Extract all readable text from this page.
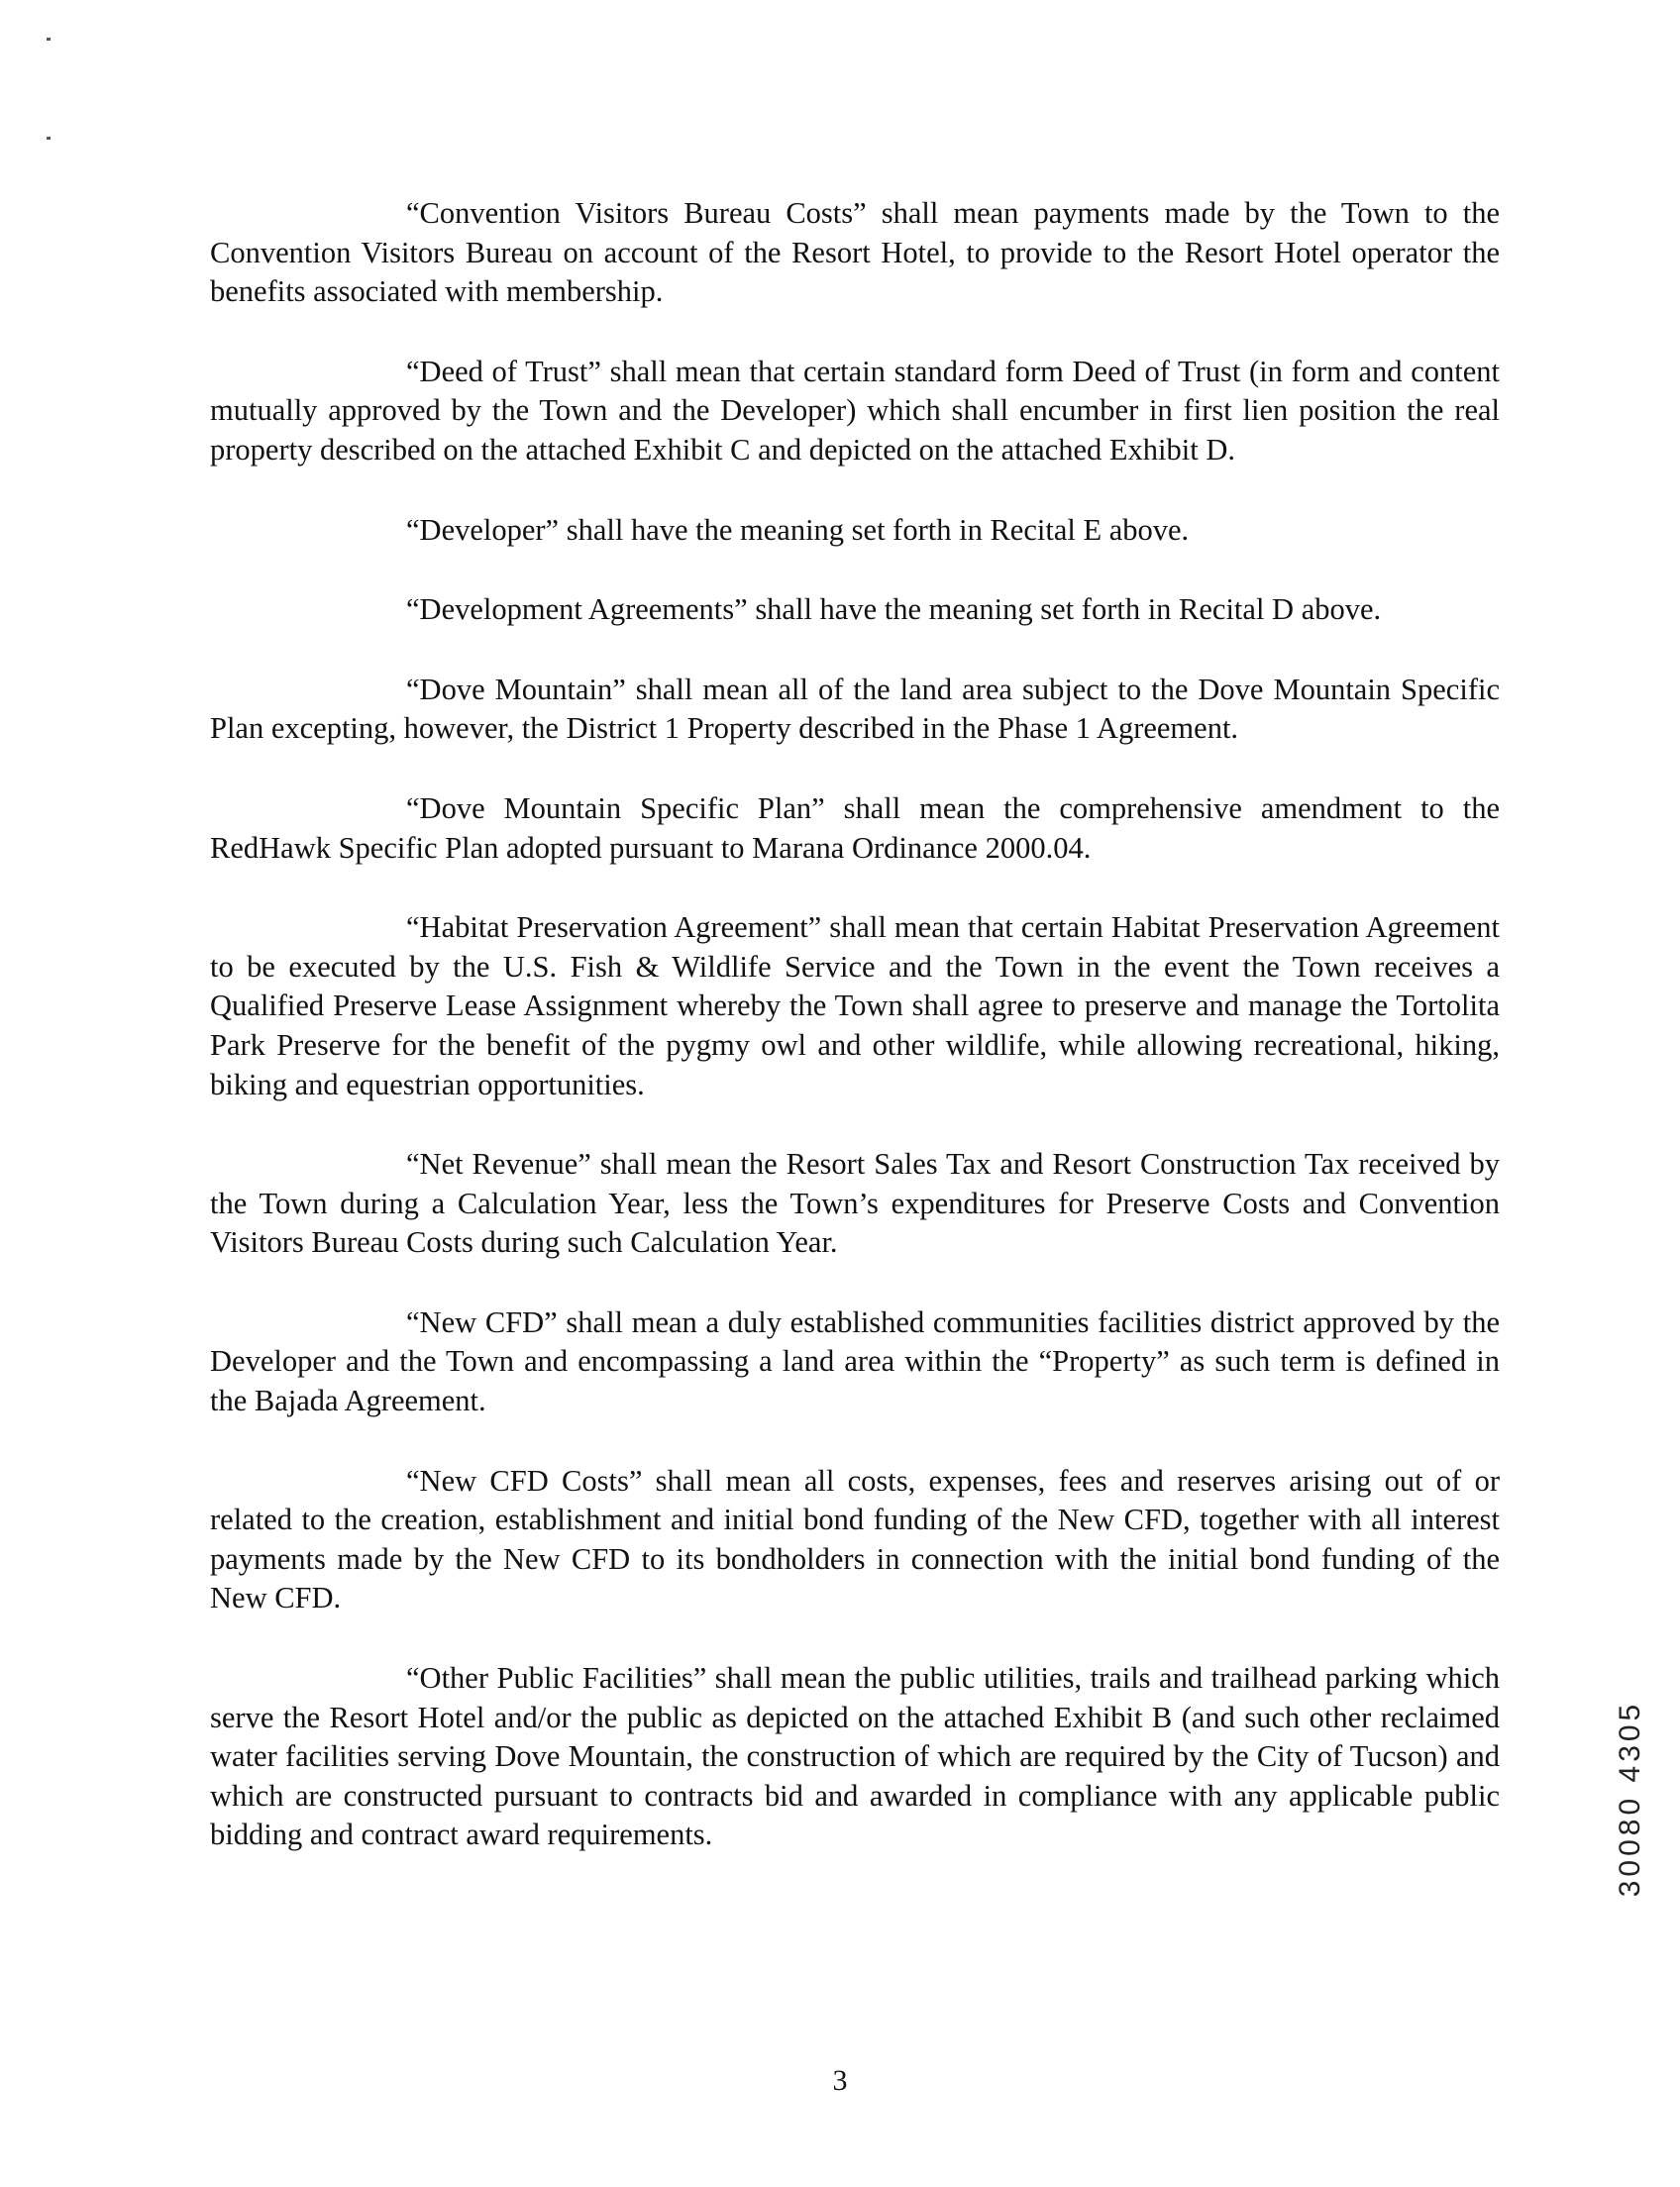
“Convention Visitors Bureau Costs” shall mean payments made by the Town to the Convention Visitors Bureau on account of the Resort Hotel, to provide to the Resort Hotel operator the benefits associated with membership.

“Deed of Trust” shall mean that certain standard form Deed of Trust (in form and content mutually approved by the Town and the Developer) which shall encumber in first lien position the real property described on the attached Exhibit C and depicted on the attached Exhibit D.

“Developer” shall have the meaning set forth in Recital E above.

“Development Agreements” shall have the meaning set forth in Recital D above.

“Dove Mountain” shall mean all of the land area subject to the Dove Mountain Specific Plan excepting, however, the District 1 Property described in the Phase 1 Agreement.

“Dove Mountain Specific Plan” shall mean the comprehensive amendment to the RedHawk Specific Plan adopted pursuant to Marana Ordinance 2000.04.

“Habitat Preservation Agreement” shall mean that certain Habitat Preservation Agreement to be executed by the U.S. Fish & Wildlife Service and the Town in the event the Town receives a Qualified Preserve Lease Assignment whereby the Town shall agree to preserve and manage the Tortolita Park Preserve for the benefit of the pygmy owl and other wildlife, while allowing recreational, hiking, biking and equestrian opportunities.

“Net Revenue” shall mean the Resort Sales Tax and Resort Construction Tax received by the Town during a Calculation Year, less the Town’s expenditures for Preserve Costs and Convention Visitors Bureau Costs during such Calculation Year.

“New CFD” shall mean a duly established communities facilities district approved by the Developer and the Town and encompassing a land area within the “Property” as such term is defined in the Bajada Agreement.

“New CFD Costs” shall mean all costs, expenses, fees and reserves arising out of or related to the creation, establishment and initial bond funding of the New CFD, together with all interest payments made by the New CFD to its bondholders in connection with the initial bond funding of the New CFD.

“Other Public Facilities” shall mean the public utilities, trails and trailhead parking which serve the Resort Hotel and/or the public as depicted on the attached Exhibit B (and such other reclaimed water facilities serving Dove Mountain, the construction of which are required by the City of Tucson) and which are constructed pursuant to contracts bid and awarded in compliance with any applicable public bidding and contract award requirements.	30080 4305
3
